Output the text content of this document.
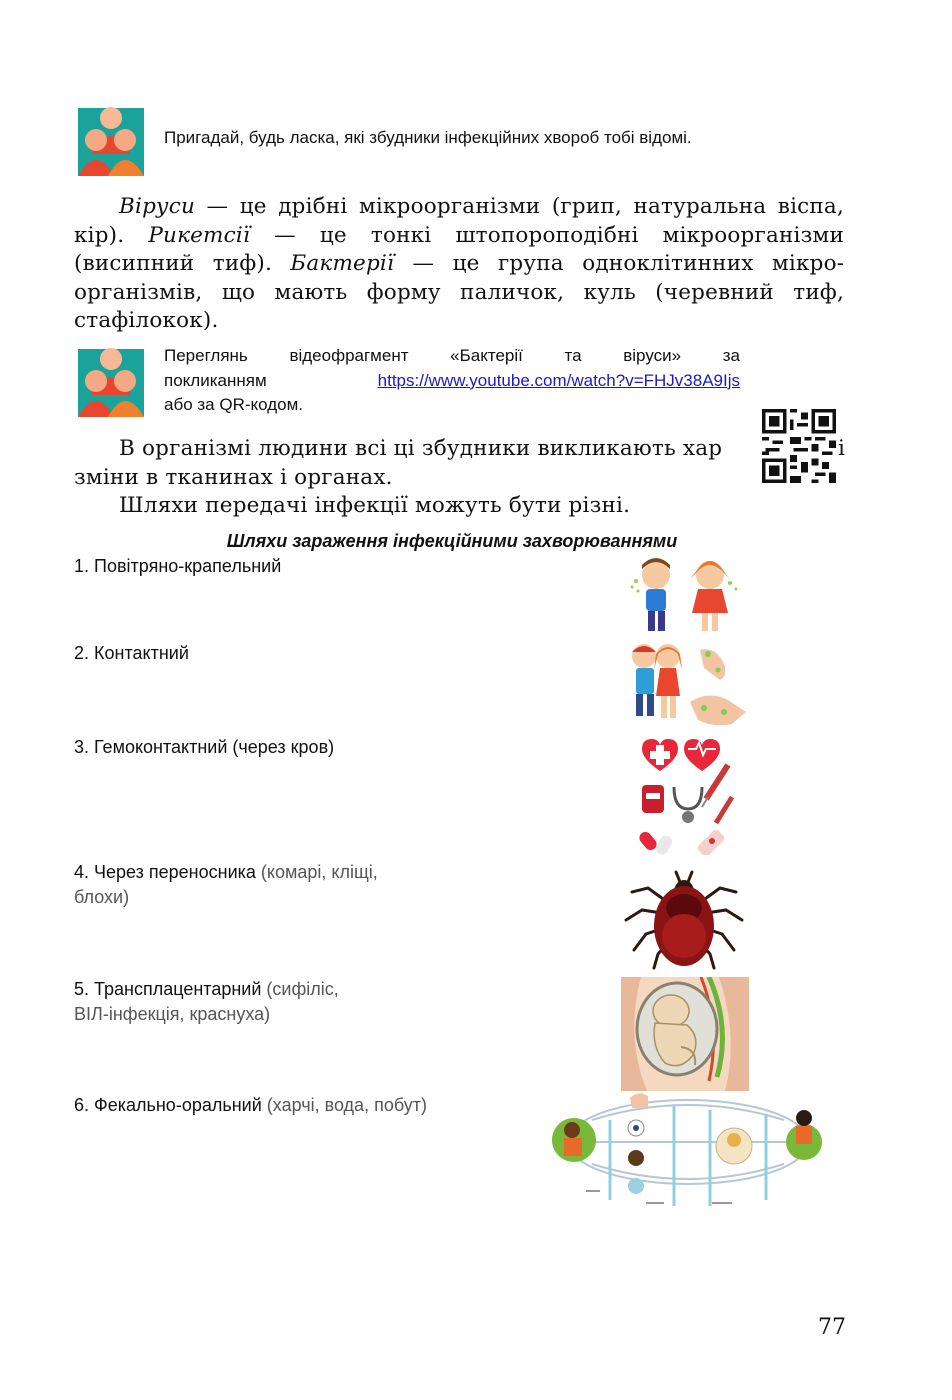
Пригадай, будь ласка, які збудники інфекційних хвороб тобі відомі.
Віруси — це дрібні мікроорганізми (грип, натуральна віспа, кір). Рикетсії — це тонкі штопороподібні мікроорганізми (висипний тиф). Бактерії — це група одноклітинних мікроорганізмів, що мають форму паличок, куль (черевний тиф, стафілокок).
Переглянь відеофрагмент «Бактерії та віруси» за
покликанням	https://www.youtube.com/watch?v=FHJv38A9Ijs
або за QR-кодом.
В організмі людини всі ці збудники викликають хар	і
зміни в тканинах і органах.
Шляхи передачі інфекції можуть бути різні.
Шляхи зараження інфекційними захворюваннями
1. Повітряно-крапельний
2. Контактний
3. Гемоконтактний (через кров)
4. Через переносника (комарі, кліщі,
блохи)
5. Трансплацентарний (сифіліс,
ВІЛ-інфекція, краснуха)
6. Фекально-оральний (харчі, вода, побут)
77
